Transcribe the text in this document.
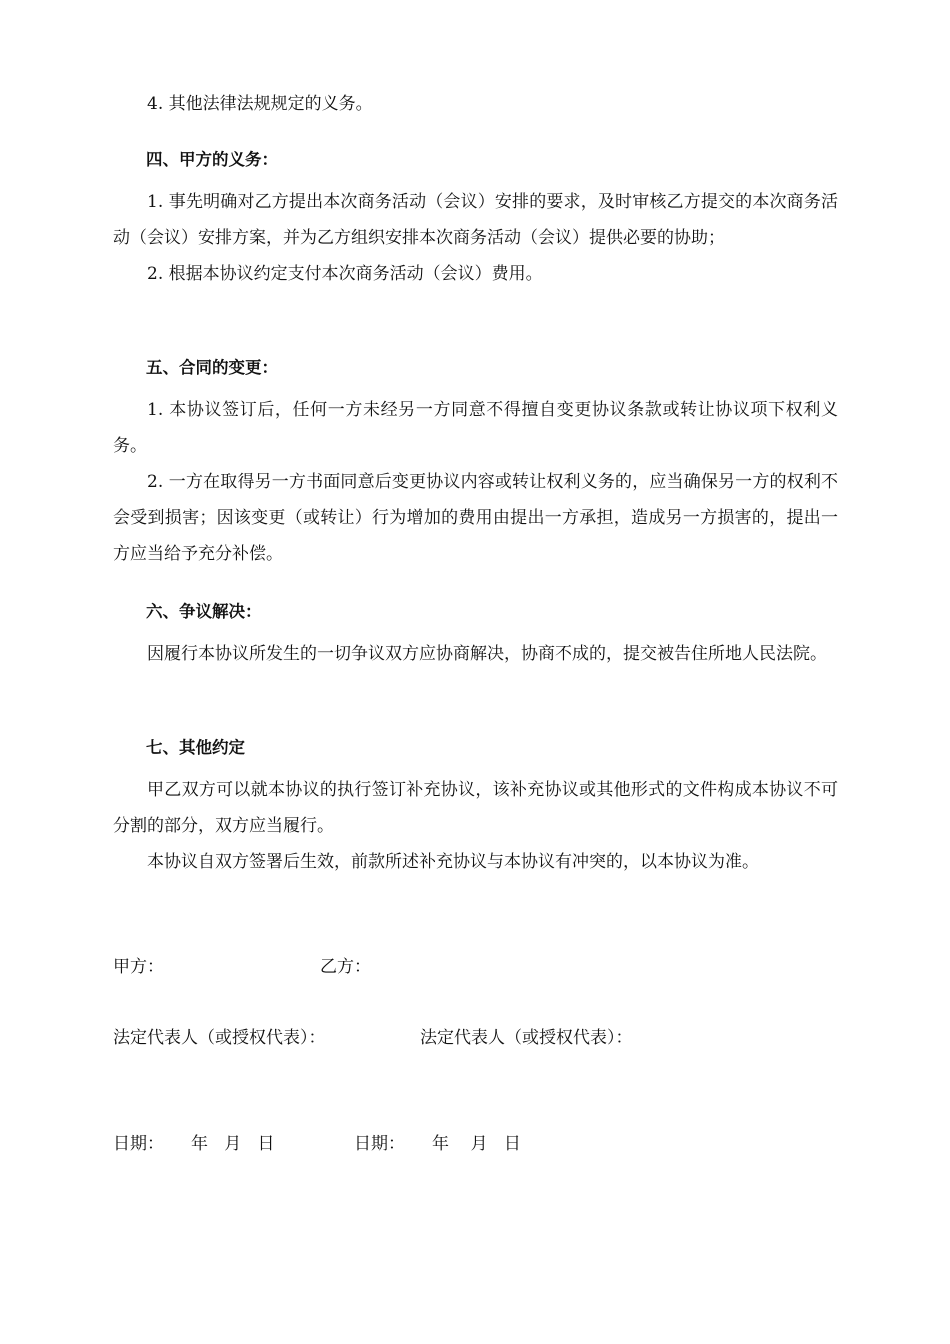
4. 其他法律法规规定的义务。

四、甲方的义务：

1. 事先明确对乙方提出本次商务活动（会议）安排的要求，及时审核乙方提交的本次商务活动（会议）安排方案，并为乙方组织安排本次商务活动（会议）提供必要的协助；

2. 根据本协议约定支付本次商务活动（会议）费用。

五、合同的变更：

1. 本协议签订后，任何一方未经另一方同意不得擅自变更协议条款或转让协议项下权利义务。

2. 一方在取得另一方书面同意后变更协议内容或转让权利义务的，应当确保另一方的权利不会受到损害；因该变更（或转让）行为增加的费用由提出一方承担，造成另一方损害的，提出一方应当给予充分补偿。

六、争议解决：

因履行本协议所发生的一切争议双方应协商解决，协商不成的，提交被告住所地人民法院。

七、其他约定

甲乙双方可以就本协议的执行签订补充协议，该补充协议或其他形式的文件构成本协议不可分割的部分，双方应当履行。

本协议自双方签署后生效，前款所述补充协议与本协议有冲突的，以本协议为准。

甲方：	乙方：
法定代表人（或授权代表）：	法定代表人（或授权代表）：
日期：     年   月   日	日期：     年    月   日
